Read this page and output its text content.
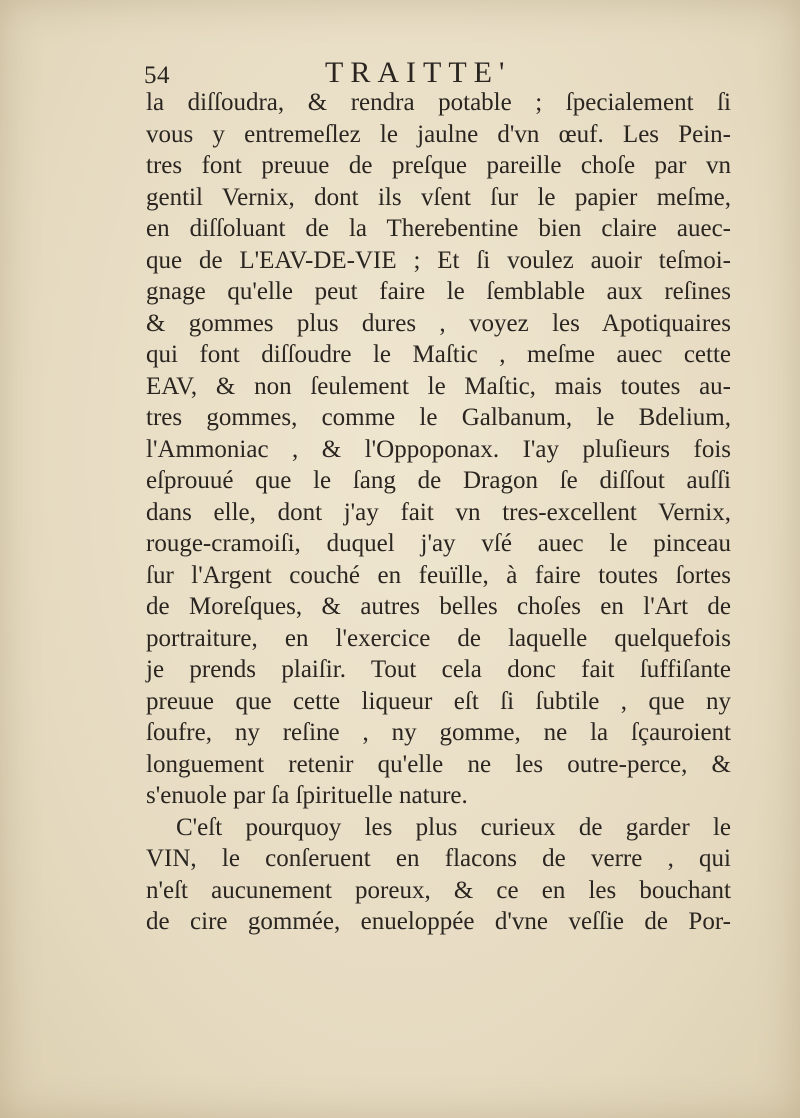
54	TRAITTE'
la diſſoudra, & rendra potable ; ſpecialement ſi
vous y entremeſlez le jaulne d'vn œuf. Les Pein-
tres font preuue de preſque pareille choſe par vn
gentil Vernix, dont ils vſent ſur le papier meſme,
en diſſoluant de la Therebentine bien claire auec-
que de L'EAV-DE-VIE ; Et ſi voulez auoir teſmoi-
gnage qu'elle peut faire le ſemblable aux reſines
& gommes plus dures , voyez les Apotiquaires
qui font diſſoudre le Maſtic , meſme auec cette
EAV, & non ſeulement le Maſtic, mais toutes au-
tres gommes, comme le Galbanum, le Bdelium,
l'Ammoniac , & l'Oppoponax. I'ay pluſieurs fois
eſprouué que le ſang de Dragon ſe diſſout auſſi
dans elle, dont j'ay fait vn tres-excellent Vernix,
rouge-cramoiſi, duquel j'ay vſé auec le pinceau
ſur l'Argent couché en feuïlle, à faire toutes ſortes
de Moreſques, & autres belles choſes en l'Art de
portraiture, en l'exercice de laquelle quelquefois
je prends plaiſir. Tout cela donc fait ſuffiſante
preuue que cette liqueur eſt ſi ſubtile , que ny
ſoufre, ny reſine , ny gomme, ne la ſçauroient
longuement retenir qu'elle ne les outre-perce, &
s'enuole par ſa ſpirituelle nature.
C'eſt pourquoy les plus curieux de garder le
VIN, le conſeruent en flacons de verre , qui
n'eſt aucunement poreux, & ce en les bouchant
de cire gommée, enueloppée d'vne veſſie de Por-
